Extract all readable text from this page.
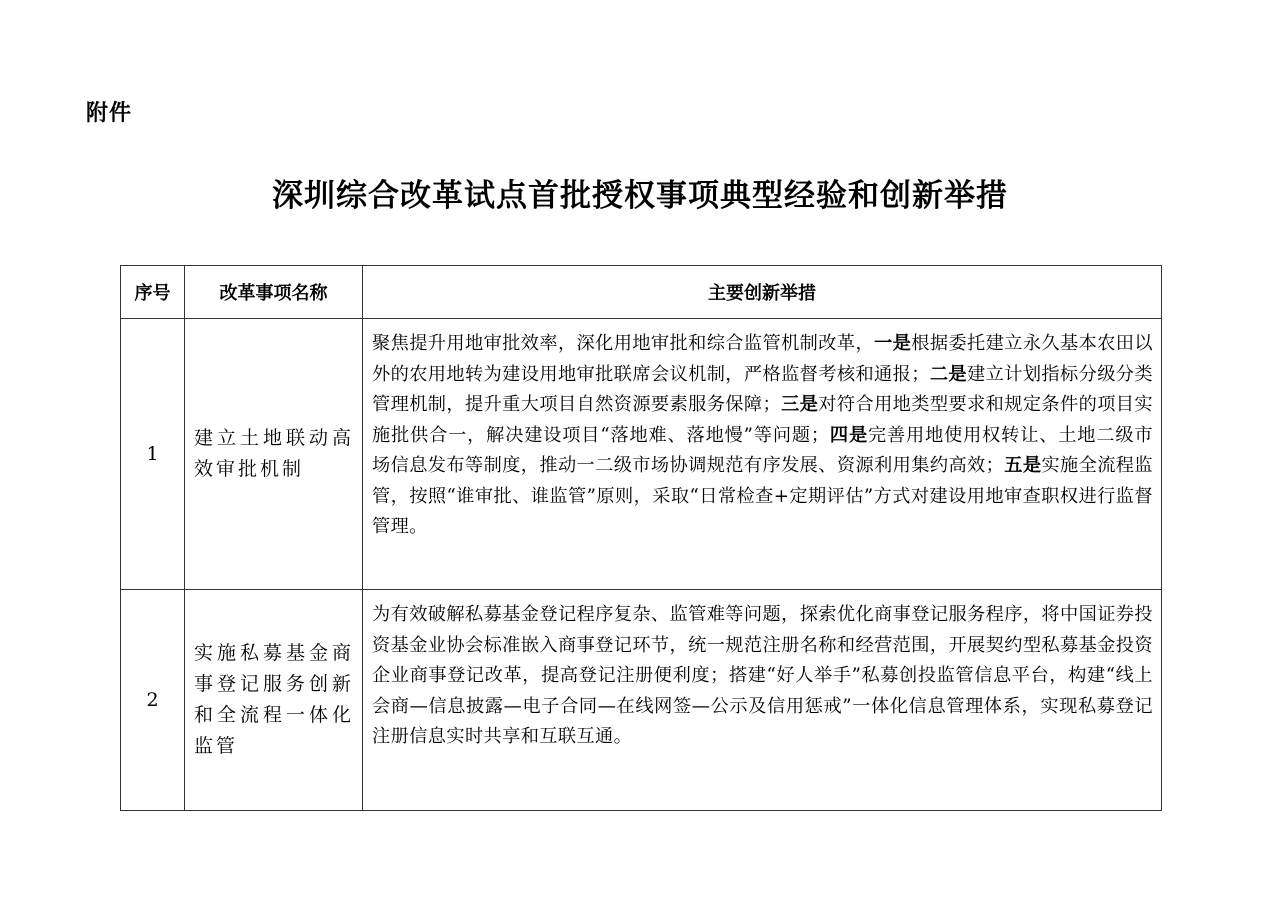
附件
深圳综合改革试点首批授权事项典型经验和创新举措
序号	改革事项名称	主要创新举措
1	建立土地联动高效审批机制	聚焦提升用地审批效率，深化用地审批和综合监管机制改革，一是根据委托建立永久基本农田以外的农用地转为建设用地审批联席会议机制，严格监督考核和通报；二是建立计划指标分级分类管理机制，提升重大项目自然资源要素服务保障；三是对符合用地类型要求和规定条件的项目实施批供合一，解决建设项目“落地难、落地慢”等问题；四是完善用地使用权转让、土地二级市场信息发布等制度，推动一二级市场协调规范有序发展、资源利用集约高效；五是实施全流程监管，按照“谁审批、谁监管”原则，采取“日常检查+定期评估”方式对建设用地审查职权进行监督管理。
2	实施私募基金商事登记服务创新和全流程一体化监管	为有效破解私募基金登记程序复杂、监管难等问题，探索优化商事登记服务程序，将中国证券投资基金业协会标准嵌入商事登记环节，统一规范注册名称和经营范围，开展契约型私募基金投资企业商事登记改革，提高登记注册便利度；搭建“好人举手”私募创投监管信息平台，构建“线上会商—信息披露—电子合同—在线网签—公示及信用惩戒”一体化信息管理体系，实现私募登记注册信息实时共享和互联互通。
